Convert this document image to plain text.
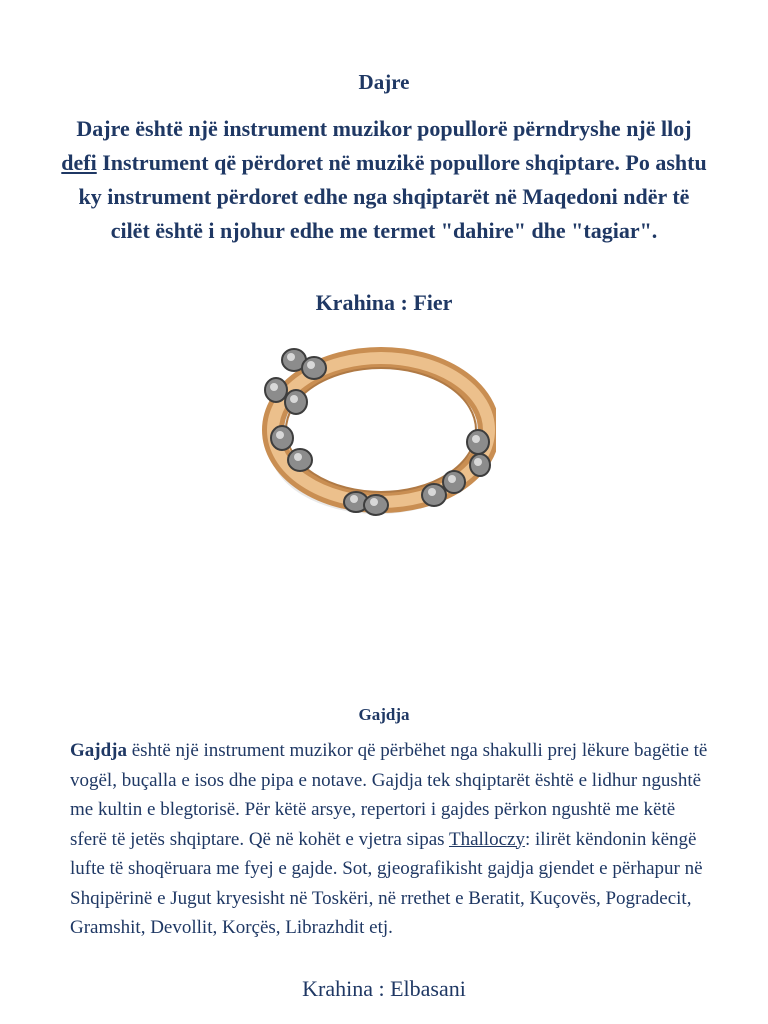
Dajre
Dajre është një instrument muzikor popullorë përndryshe një lloj defi Instrument që përdoret në muzikë popullore shqiptare. Po ashtu ky instrument përdoret edhe nga shqiptarët në Maqedoni ndër të cilët është i njohur edhe me termet "dahire" dhe "tagiar".
Krahina : Fier
Gajdja
Gajdja është një instrument muzikor që përbëhet nga shakulli prej lëkure bagëtie të vogël, buçalla e isos dhe pipa e notave. Gajdja tek shqiptarët është e lidhur ngushtë me kultin e blegtorisë. Për këtë arsye, repertori i gajdes përkon ngushtë me këtë sferë të jetës shqiptare. Që në kohët e vjetra sipas Thalloczy: ilirët këndonin këngë lufte të shoqëruara me fyej e gajde. Sot, gjeografikisht gajdja gjendet e përhapur në Shqipërinë e Jugut kryesisht në Toskëri, në rrethet e Beratit, Kuçovës, Pogradecit, Gramshit, Devollit, Korçës, Librazhdit etj.
Krahina : Elbasani
